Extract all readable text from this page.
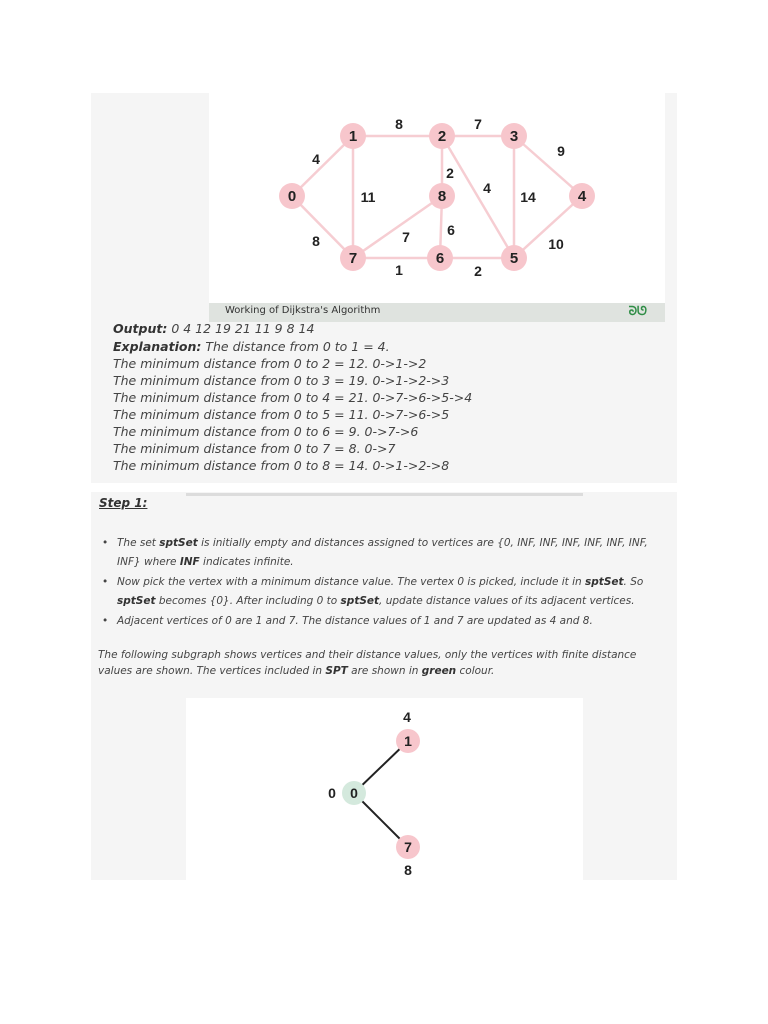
4
8
8
11
7
2
4
9
14
10
2
1
7	6
0
1	2	3
4
5
6
7
8
Working of Dijkstra's Algorithm	ᘐᘎ
Output: 0 4 12 19 21 11 9 8 14
Explanation: The distance from 0 to 1 = 4.
The minimum distance from 0 to 2 = 12. 0->1->2
The minimum distance from 0 to 3 = 19. 0->1->2->3
The minimum distance from 0 to 4 = 21. 0->7->6->5->4
The minimum distance from 0 to 5 = 11. 0->7->6->5
The minimum distance from 0 to 6 = 9. 0->7->6
The minimum distance from 0 to 7 = 8. 0->7
The minimum distance from 0 to 8 = 14. 0->1->2->8
Step 1:
• The set sptSet is initially empty and distances assigned to vertices are {0, INF, INF, INF, INF, INF, INF, INF} where INF indicates infinite.
• Now pick the vertex with a minimum distance value. The vertex 0 is picked, include it in sptSet. So sptSet becomes {0}. After including 0 to sptSet, update distance values of its adjacent vertices.
• Adjacent vertices of 0 are 1 and 7. The distance values of 1 and 7 are updated as 4 and 8.
The following subgraph shows vertices and their distance values, only the vertices with finite distance values are shown. The vertices included in SPT are shown in green colour.
0
1
7
0
4
8
